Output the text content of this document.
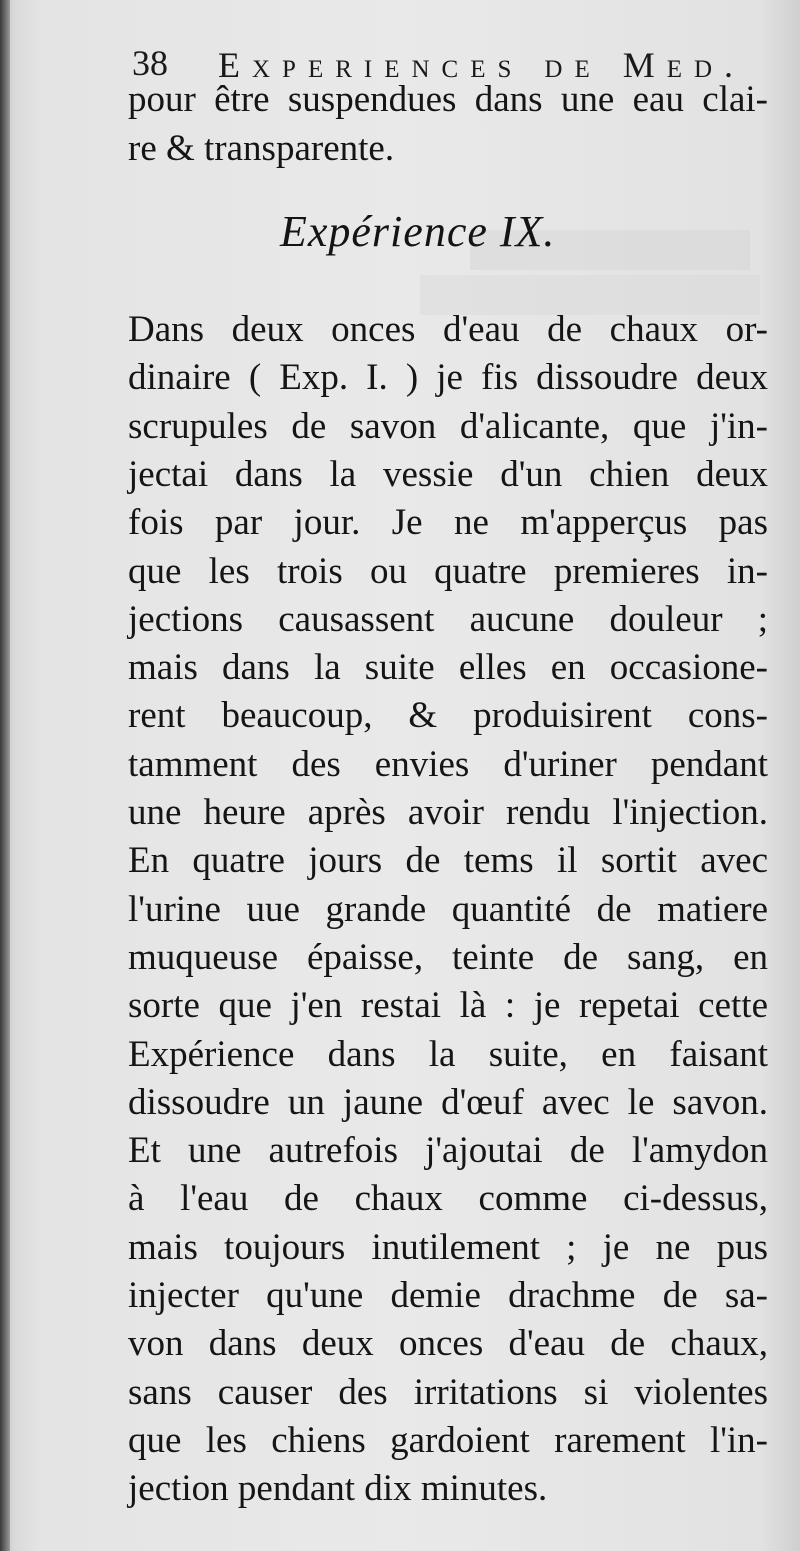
38 Experiences de Med.
pour être suspendues dans une eau clai-
re & transparente.
Expérience IX.
Dans deux onces d'eau de chaux or-
dinaire ( Exp. I. ) je fis dissoudre deux
scrupules de savon d'alicante, que j'in-
jectai dans la vessie d'un chien deux
fois par jour. Je ne m'apperçus pas
que les trois ou quatre premieres in-
jections causassent aucune douleur ;
mais dans la suite elles en occasione-
rent beaucoup, & produisirent cons-
tamment des envies d'uriner pendant
une heure après avoir rendu l'injection.
En quatre jours de tems il sortit avec
l'urine uue grande quantité de matiere
muqueuse épaisse, teinte de sang, en
sorte que j'en restai là : je repetai cette
Expérience dans la suite, en faisant
dissoudre un jaune d'œuf avec le savon.
Et une autrefois j'ajoutai de l'amydon
à l'eau de chaux comme ci-dessus,
mais toujours inutilement ; je ne pus
injecter qu'une demie drachme de sa-
von dans deux onces d'eau de chaux,
sans causer des irritations si violentes
que les chiens gardoient rarement l'in-
jection pendant dix minutes.
